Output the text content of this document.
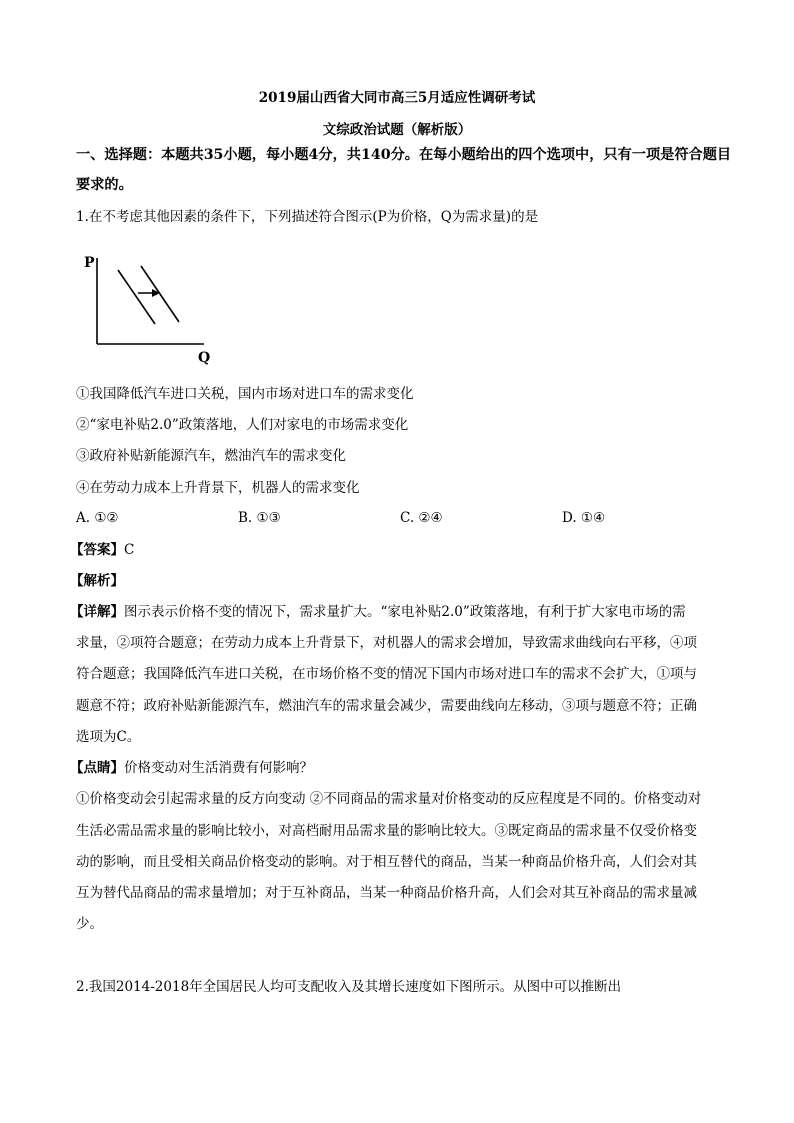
2019届山西省大同市高三5月适应性调研考试
文综政治试题（解析版）
一、选择题：本题共35小题，每小题4分，共140分。在每小题给出的四个选项中，只有一项是符合题目
要求的。
1.在不考虑其他因素的条件下，下列描述符合图示(P为价格，Q为需求量)的是
P
Q
①我国降低汽车进口关税，国内市场对进口车的需求变化
②“家电补贴2.0”政策落地，人们对家电的市场需求变化
③政府补贴新能源汽车，燃油汽车的需求变化
④在劳动力成本上升背景下，机器人的需求变化
A. ①②	B. ①③	C. ②④	D. ①④
【答案】C
【解析】
【详解】图示表示价格不变的情况下，需求量扩大。“家电补贴2.0”政策落地，有利于扩大家电市场的需
求量，②项符合题意；在劳动力成本上升背景下，对机器人的需求会增加，导致需求曲线向右平移，④项
符合题意；我国降低汽车进口关税，在市场价格不变的情况下国内市场对进口车的需求不会扩大，①项与
题意不符；政府补贴新能源汽车，燃油汽车的需求量会减少，需要曲线向左移动，③项与题意不符；正确
选项为C。
【点睛】价格变动对生活消费有何影响？
①价格变动会引起需求量的反方向变动 ②不同商品的需求量对价格变动的反应程度是不同的。价格变动对
生活必需品需求量的影响比较小，对高档耐用品需求量的影响比较大。③既定商品的需求量不仅受价格变
动的影响，而且受相关商品价格变动的影响。对于相互替代的商品，当某一种商品价格升高，人们会对其
互为替代品商品的需求量增加；对于互补商品，当某一种商品价格升高，人们会对其互补商品的需求量减
少。
2.我国2014-2018年全国居民人均可支配收入及其增长速度如下图所示。从图中可以推断出
